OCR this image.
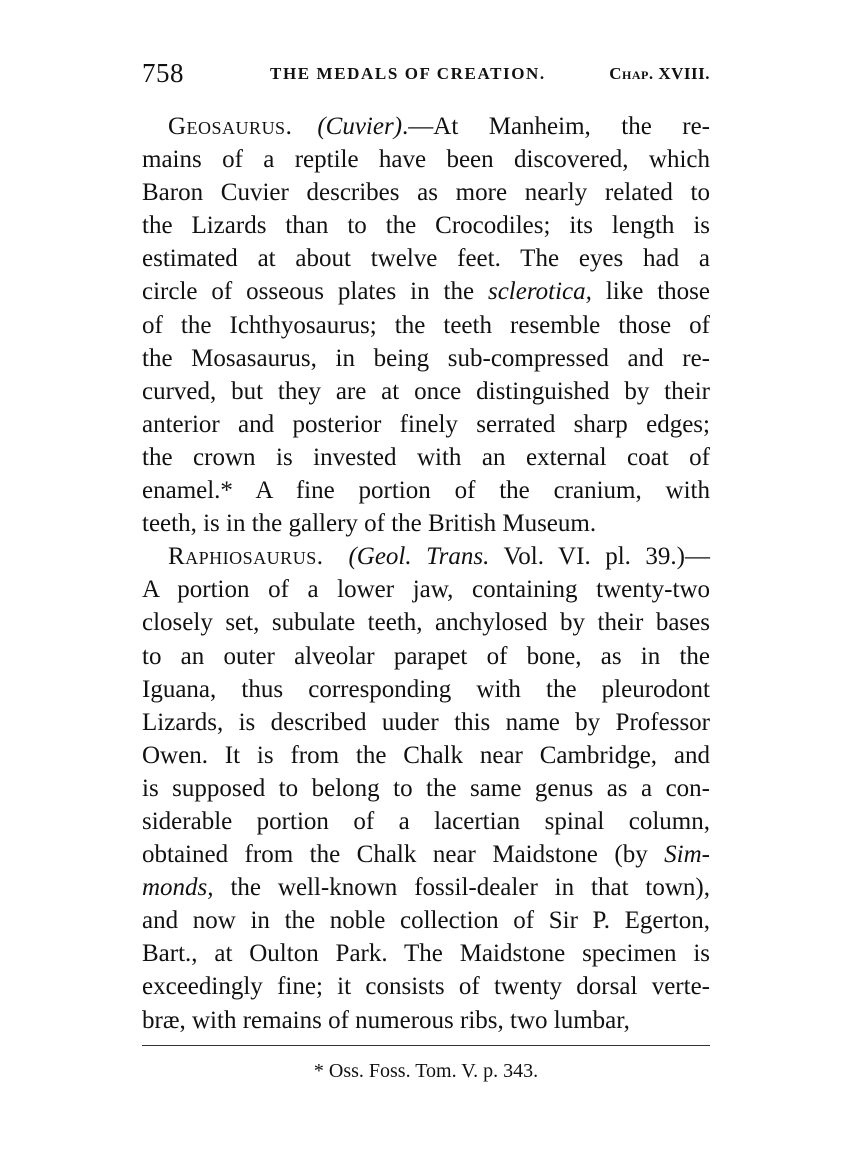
758	THE MEDALS OF CREATION.	Chap. XVIII.
Geosaurus.  (Cuvier).—At Manheim, the re-
mains of a reptile have been discovered, which
Baron Cuvier describes as more nearly related to
the Lizards than to the Crocodiles; its length is
estimated at about twelve feet. The eyes had a
circle of osseous plates in the sclerotica, like those
of the Ichthyosaurus; the teeth resemble those of
the Mosasaurus, in being sub-compressed and re-
curved, but they are at once distinguished by their
anterior and posterior finely serrated sharp edges;
the crown is invested with an external coat of
enamel.* A fine portion of the cranium, with
teeth, is in the gallery of the British Museum.
Raphiosaurus.  (Geol. Trans. Vol. VI. pl. 39.)—
A portion of a lower jaw, containing twenty-two
closely set, subulate teeth, anchylosed by their bases
to an outer alveolar parapet of bone, as in the
Iguana, thus corresponding with the pleurodont
Lizards, is described uuder this name by Professor
Owen. It is from the Chalk near Cambridge, and
is supposed to belong to the same genus as a con-
siderable portion of a lacertian spinal column,
obtained from the Chalk near Maidstone (by Sim-
monds, the well-known fossil-dealer in that town),
and now in the noble collection of Sir P. Egerton,
Bart., at Oulton Park. The Maidstone specimen is
exceedingly fine; it consists of twenty dorsal verte-
bræ, with remains of numerous ribs, two lumbar,
* Oss. Foss. Tom. V. p. 343.
